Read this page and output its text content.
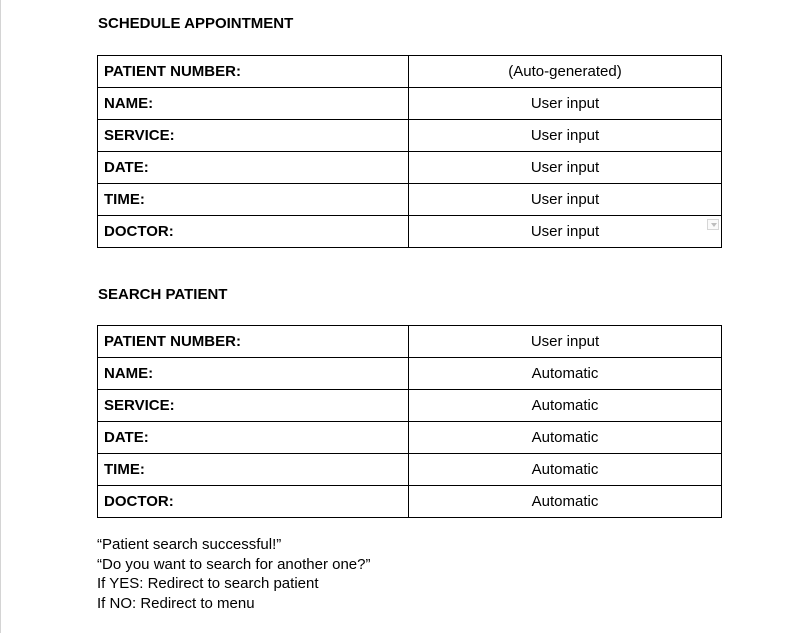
SCHEDULE APPOINTMENT
PATIENT NUMBER:	(Auto-generated)
NAME:	User input
SERVICE:	User input
DATE:	User input
TIME:	User input
DOCTOR:	User input
SEARCH PATIENT
PATIENT NUMBER:	User input
NAME:	Automatic
SERVICE:	Automatic
DATE:	Automatic
TIME:	Automatic
DOCTOR:	Automatic
“Patient search successful!”
“Do you want to search for another one?”
If YES: Redirect to search patient
If NO: Redirect to menu
